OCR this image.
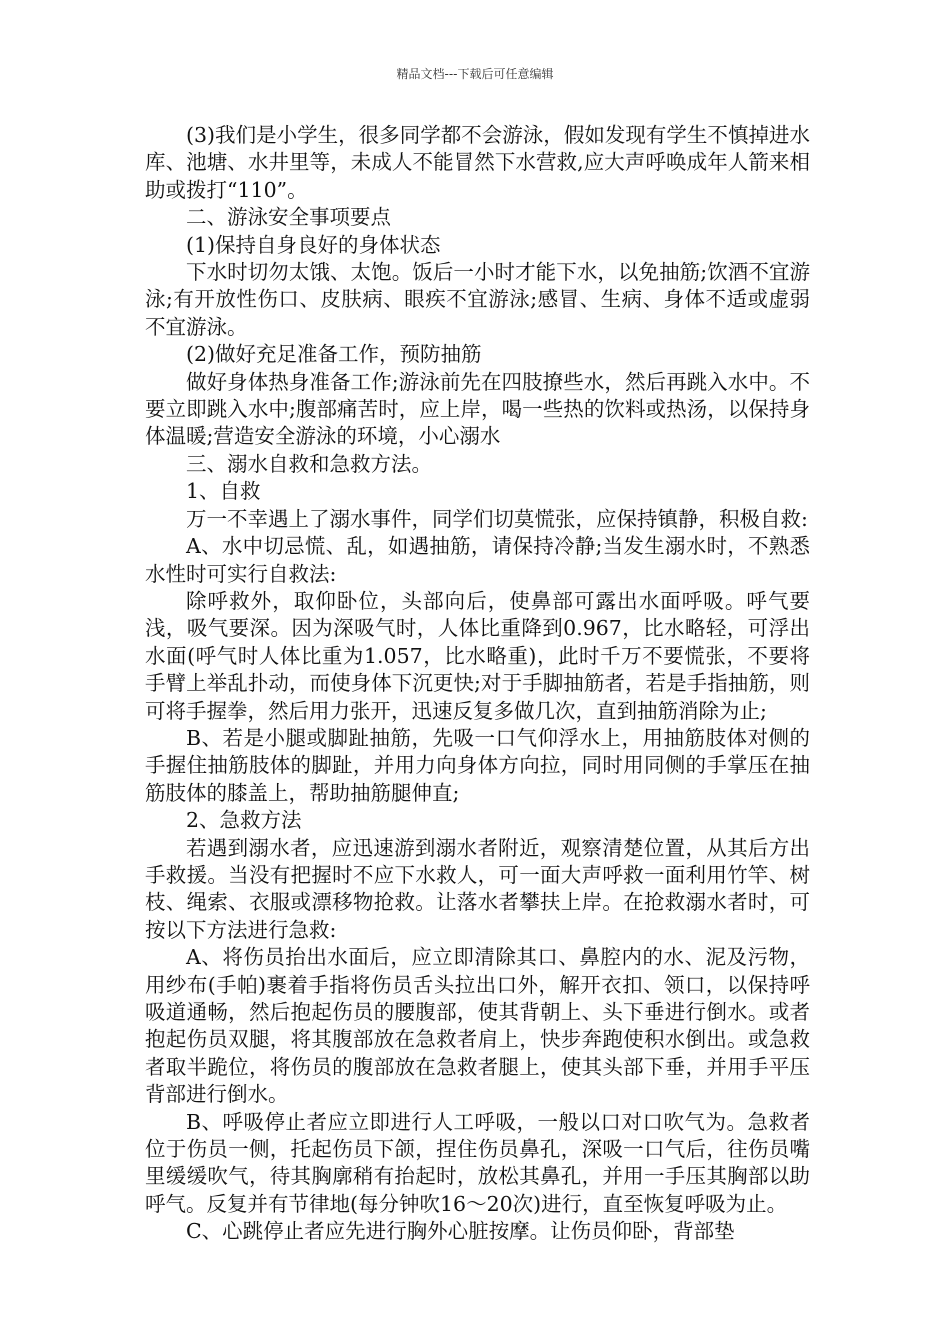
精品文档---下载后可任意编辑

(3)我们是小学生，很多同学都不会游泳，假如发现有学生不慎掉进水库、池塘、水井里等，未成人不能冒然下水营救,应大声呼唤成年人箭来相助或拨打“110”。

二、游泳安全事项要点

(1)保持自身良好的身体状态

下水时切勿太饿、太饱。饭后一小时才能下水，以免抽筋;饮酒不宜游泳;有开放性伤口、皮肤病、眼疾不宜游泳;感冒、生病、身体不适或虚弱不宜游泳。

(2)做好充足准备工作，预防抽筋

做好身体热身准备工作;游泳前先在四肢撩些水，然后再跳入水中。不要立即跳入水中;腹部痛苦时，应上岸，喝一些热的饮料或热汤，以保持身体温暖;营造安全游泳的环境，小心溺水

三、溺水自救和急救方法。

1、自救

万一不幸遇上了溺水事件，同学们切莫慌张，应保持镇静，积极自救:

A、水中切忌慌、乱，如遇抽筋，请保持冷静;当发生溺水时，不熟悉水性时可实行自救法:

除呼救外，取仰卧位，头部向后，使鼻部可露出水面呼吸。呼气要浅，吸气要深。因为深吸气时，人体比重降到0.967，比水略轻，可浮出水面(呼气时人体比重为1.057，比水略重)，此时千万不要慌张，不要将手臂上举乱扑动，而使身体下沉更快;对于手脚抽筋者，若是手指抽筋，则可将手握拳，然后用力张开，迅速反复多做几次，直到抽筋消除为止;

B、若是小腿或脚趾抽筋，先吸一口气仰浮水上，用抽筋肢体对侧的手握住抽筋肢体的脚趾，并用力向身体方向拉，同时用同侧的手掌压在抽筋肢体的膝盖上，帮助抽筋腿伸直;

2、急救方法

若遇到溺水者，应迅速游到溺水者附近，观察清楚位置，从其后方出手救援。当没有把握时不应下水救人，可一面大声呼救一面利用竹竿、树枝、绳索、衣服或漂移物抢救。让落水者攀扶上岸。在抢救溺水者时，可按以下方法进行急救:

A、将伤员抬出水面后，应立即清除其口、鼻腔内的水、泥及污物，用纱布(手帕)裹着手指将伤员舌头拉出口外，解开衣扣、领口，以保持呼吸道通畅，然后抱起伤员的腰腹部，使其背朝上、头下垂进行倒水。或者抱起伤员双腿，将其腹部放在急救者肩上，快步奔跑使积水倒出。或急救者取半跪位，将伤员的腹部放在急救者腿上，使其头部下垂，并用手平压背部进行倒水。

B、呼吸停止者应立即进行人工呼吸，一般以口对口吹气为。急救者位于伤员一侧，托起伤员下颌，捏住伤员鼻孔，深吸一口气后，往伤员嘴里缓缓吹气，待其胸廓稍有抬起时，放松其鼻孔，并用一手压其胸部以助呼气。反复并有节律地(每分钟吹16～20次)进行，直至恢复呼吸为止。

C、心跳停止者应先进行胸外心脏按摩。让伤员仰卧，背部垫
